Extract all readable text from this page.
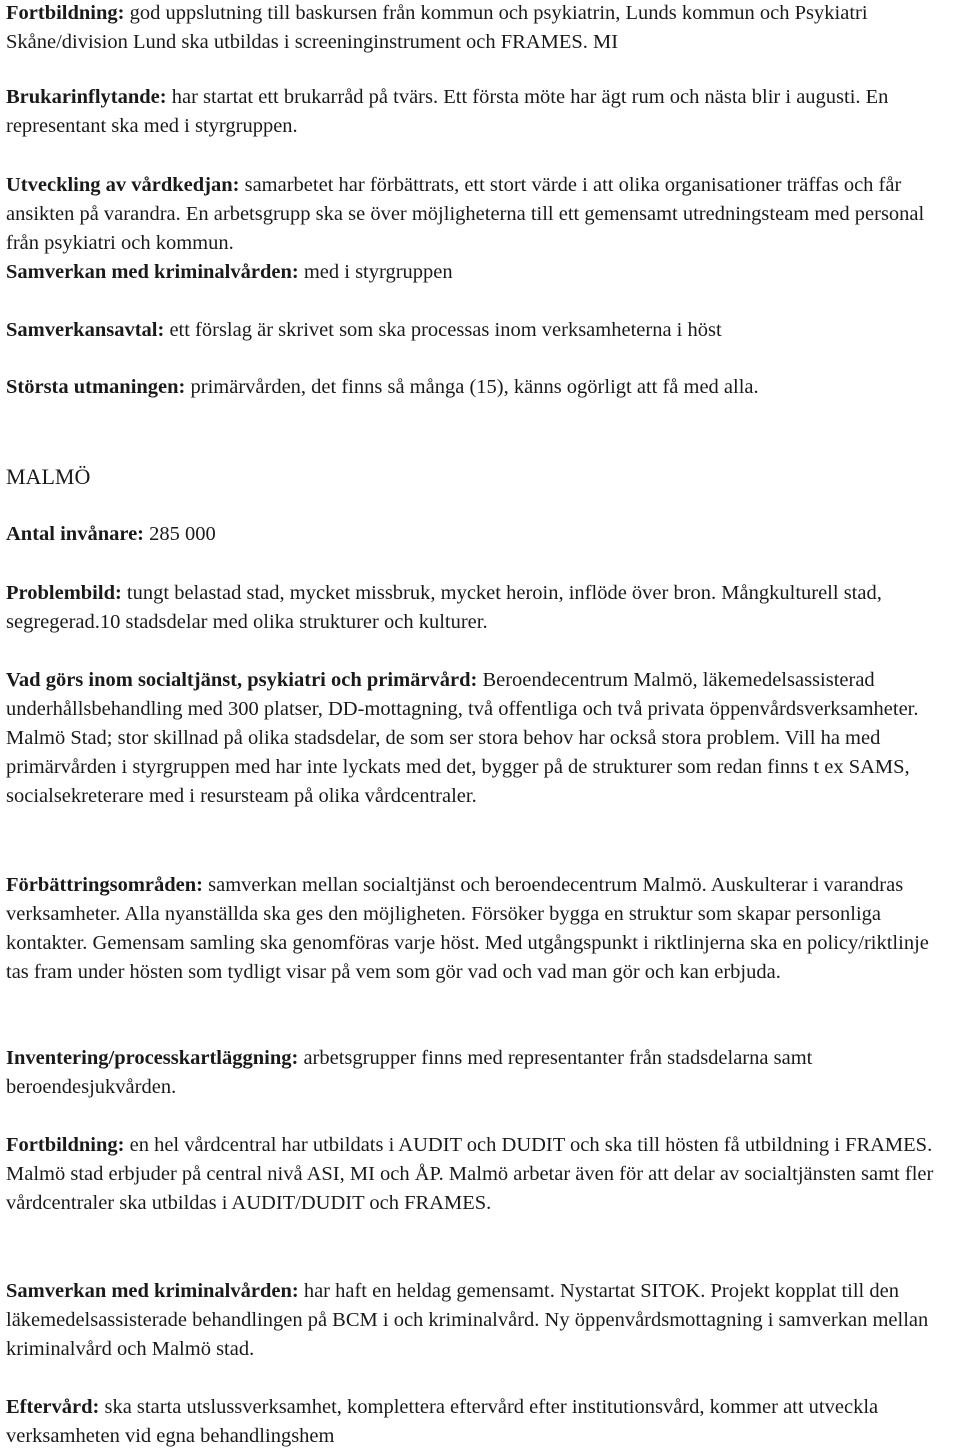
Fortbildning: god uppslutning till baskursen från kommun och psykiatrin, Lunds kommun och Psykiatri Skåne/division Lund ska utbildas i screeninginstrument och FRAMES. MI

Brukarinflytande: har startat ett brukarråd på tvärs. Ett första möte har ägt rum och nästa blir i augusti. En representant ska med i styrgruppen.

Utveckling av vårdkedjan: samarbetet har förbättrats, ett stort värde i att olika organisationer träffas och får ansikten på varandra. En arbetsgrupp ska se över möjligheterna till ett gemensamt utredningsteam med personal från psykiatri och kommun.

Samverkan med kriminalvården: med i styrgruppen

Samverkansavtal: ett förslag är skrivet som ska processas inom verksamheterna i höst

Största utmaningen: primärvården, det finns så många (15), känns ogörligt att få med alla.

MALMÖ

Antal invånare: 285 000

Problembild: tungt belastad stad, mycket missbruk, mycket heroin, inflöde över bron. Mångkulturell stad, segregerad.10 stadsdelar med olika strukturer och kulturer.

Vad görs inom socialtjänst, psykiatri och primärvård: Beroendecentrum Malmö, läkemedelsassisterad underhållsbehandling med 300 platser, DD-mottagning, två offentliga och två privata öppenvårdsverksamheter. Malmö Stad; stor skillnad på olika stadsdelar, de som ser stora behov har också stora problem. Vill ha med primärvården i styrgruppen med har inte lyckats med det, bygger på de strukturer som redan finns t ex SAMS, socialsekreterare med i resursteam på olika vårdcentraler.

Förbättringsområden: samverkan mellan socialtjänst och beroendecentrum Malmö. Auskulterar i varandras verksamheter. Alla nyanställda ska ges den möjligheten. Försöker bygga en struktur som skapar personliga kontakter. Gemensam samling ska genomföras varje höst. Med utgångspunkt i riktlinjerna ska en policy/riktlinje tas fram under hösten som tydligt visar på vem som gör vad och vad man gör och kan erbjuda.

Inventering/processkartläggning: arbetsgrupper finns med representanter från stadsdelarna samt beroendesjukvården.

Fortbildning: en hel vårdcentral har utbildats i AUDIT och DUDIT och ska till hösten få utbildning i FRAMES. Malmö stad erbjuder på central nivå ASI, MI och ÅP. Malmö arbetar även för att delar av socialtjänsten samt fler vårdcentraler ska utbildas i AUDIT/DUDIT och FRAMES.

Samverkan med kriminalvården: har haft en heldag gemensamt. Nystartat SITOK. Projekt kopplat till den läkemedelsassisterade behandlingen på BCM i och kriminalvård. Ny öppenvårdsmottagning i samverkan mellan kriminalvård och Malmö stad.

Eftervård: ska starta utslussverksamhet, komplettera eftervård efter institutionsvård, kommer att utveckla verksamheten vid egna behandlingshem
